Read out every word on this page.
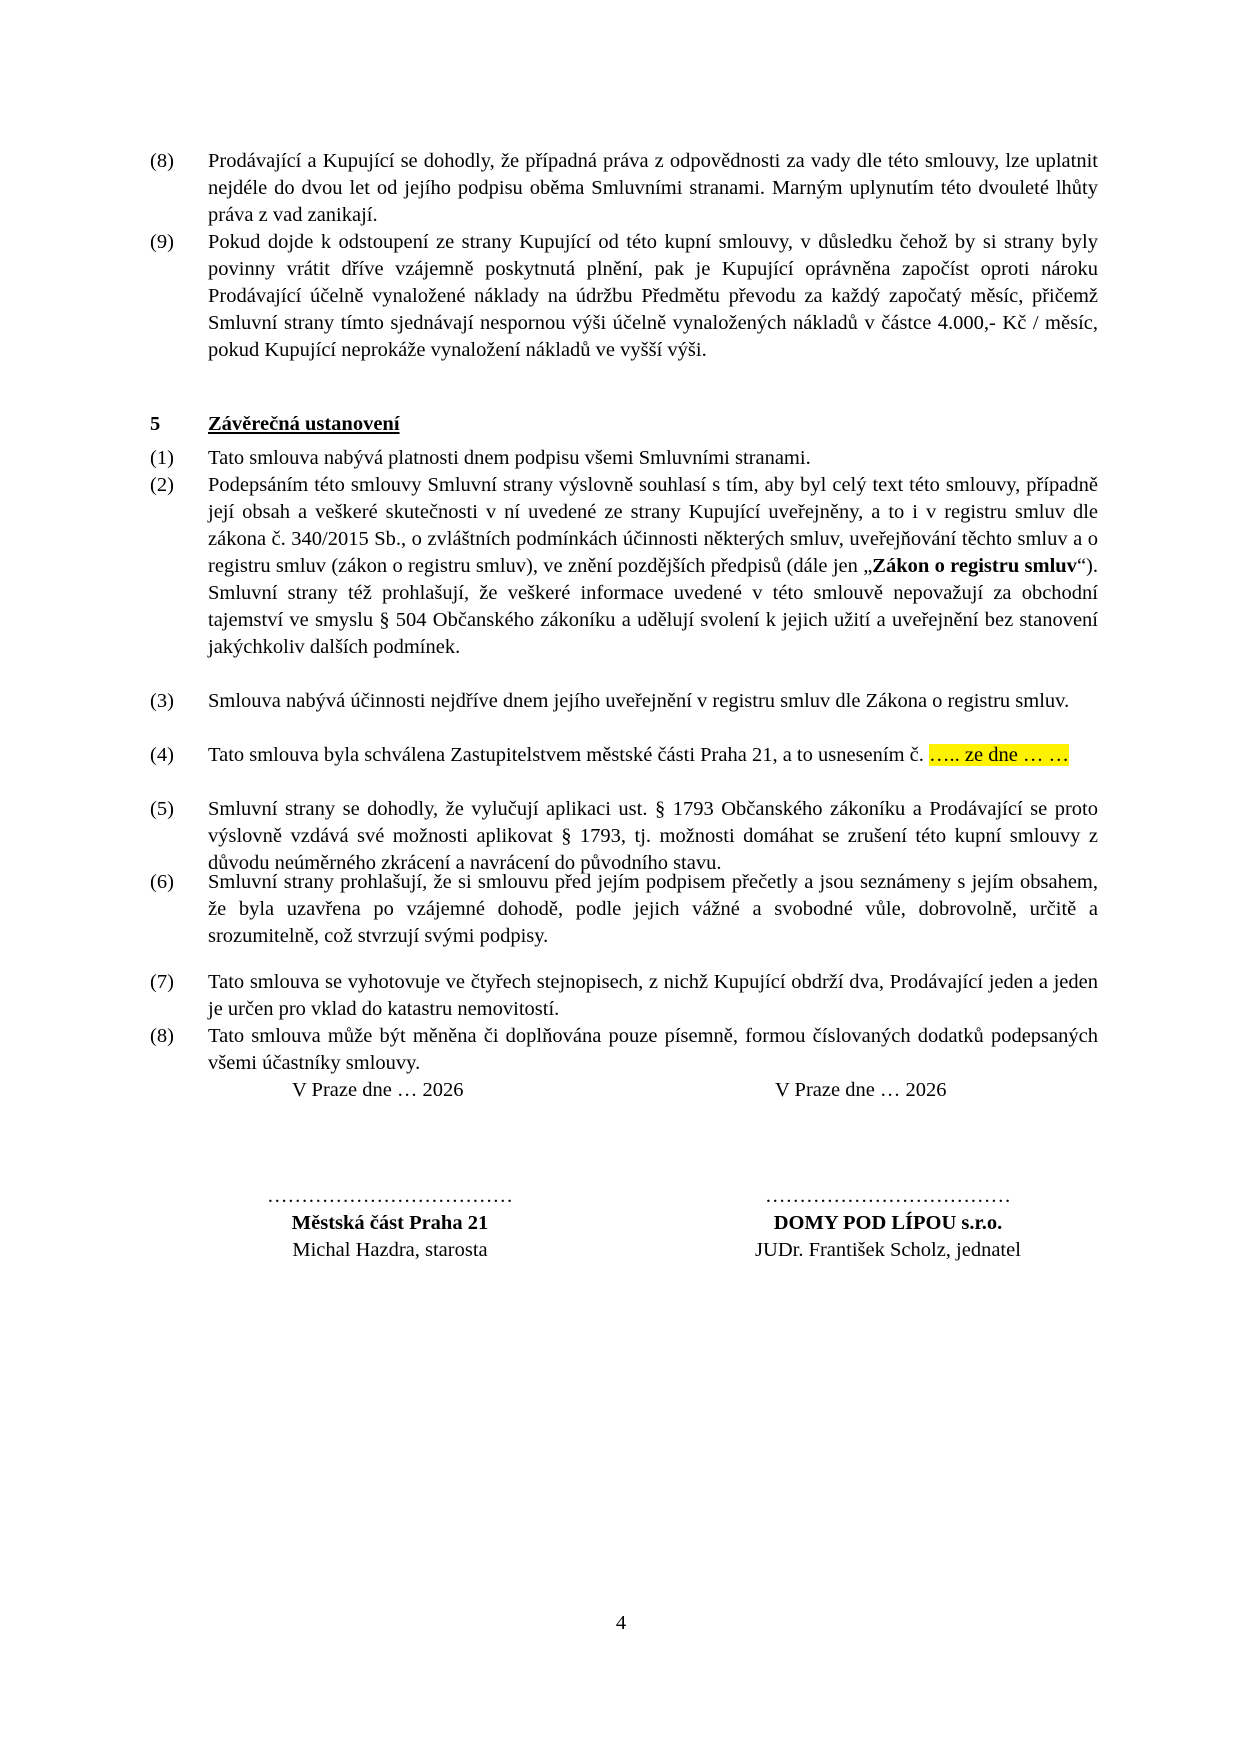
(8)	Prodávající a Kupující se dohodly, že případná práva z odpovědnosti za vady dle této smlouvy, lze uplatnit nejdéle do dvou let od jejího podpisu oběma Smluvními stranami. Marným uplynutím této dvouleté lhůty práva z vad zanikají.
(9)	Pokud dojde k odstoupení ze strany Kupující od této kupní smlouvy, v důsledku čehož by si strany byly povinny vrátit dříve vzájemně poskytnutá plnění, pak je Kupující oprávněna započíst oproti nároku Prodávající účelně vynaložené náklady na údržbu Předmětu převodu za každý započatý měsíc, přičemž Smluvní strany tímto sjednávají nespornou výši účelně vynaložených nákladů v částce 4.000,- Kč / měsíc, pokud Kupující neprokáže vynaložení nákladů ve vyšší výši.
5 Závěrečná ustanovení
(1)	Tato smlouva nabývá platnosti dnem podpisu všemi Smluvními stranami.
(2)	Podepsáním této smlouvy Smluvní strany výslovně souhlasí s tím, aby byl celý text této smlouvy, případně její obsah a veškeré skutečnosti v ní uvedené ze strany Kupující uveřejněny, a to i v registru smluv dle zákona č. 340/2015 Sb., o zvláštních podmínkách účinnosti některých smluv, uveřejňování těchto smluv a o registru smluv (zákon o registru smluv), ve znění pozdějších předpisů (dále jen „Zákon o registru smluv“). Smluvní strany též prohlašují, že veškeré informace uvedené v této smlouvě nepovažují za obchodní tajemství ve smyslu § 504 Občanského zákoníku a udělují svolení k jejich užití a uveřejnění bez stanovení jakýchkoliv dalších podmínek.
(3)	Smlouva nabývá účinnosti nejdříve dnem jejího uveřejnění v registru smluv dle Zákona o registru smluv.
(4)	Tato smlouva byla schválena Zastupitelstvem městské části Praha 21, a to usnesením č. ….. ze dne … …
(5)	Smluvní strany se dohodly, že vylučují aplikaci ust. § 1793 Občanského zákoníku a Prodávající se proto výslovně vzdává své možnosti aplikovat § 1793, tj. možnosti domáhat se zrušení této kupní smlouvy z důvodu neúměrného zkrácení a navrácení do původního stavu.
(6)	Smluvní strany prohlašují, že si smlouvu před jejím podpisem přečetly a jsou seznámeny s jejím obsahem, že byla uzavřena po vzájemné dohodě, podle jejich vážné a svobodné vůle, dobrovolně, určitě a srozumitelně, což stvrzují svými podpisy.
(7)	Tato smlouva se vyhotovuje ve čtyřech stejnopisech, z nichž Kupující obdrží dva, Prodávající jeden a jeden je určen pro vklad do katastru nemovitostí.
(8)	Tato smlouva může být měněna či doplňována pouze písemně, formou číslovaných dodatků podepsaných všemi účastníky smlouvy.
V Praze dne … 2026	V Praze dne … 2026
………………………………
Městská část Praha 21
Michal Hazdra, starosta
………………………………
DOMY POD LÍPOU s.r.o.
JUDr. František Scholz, jednatel
4
